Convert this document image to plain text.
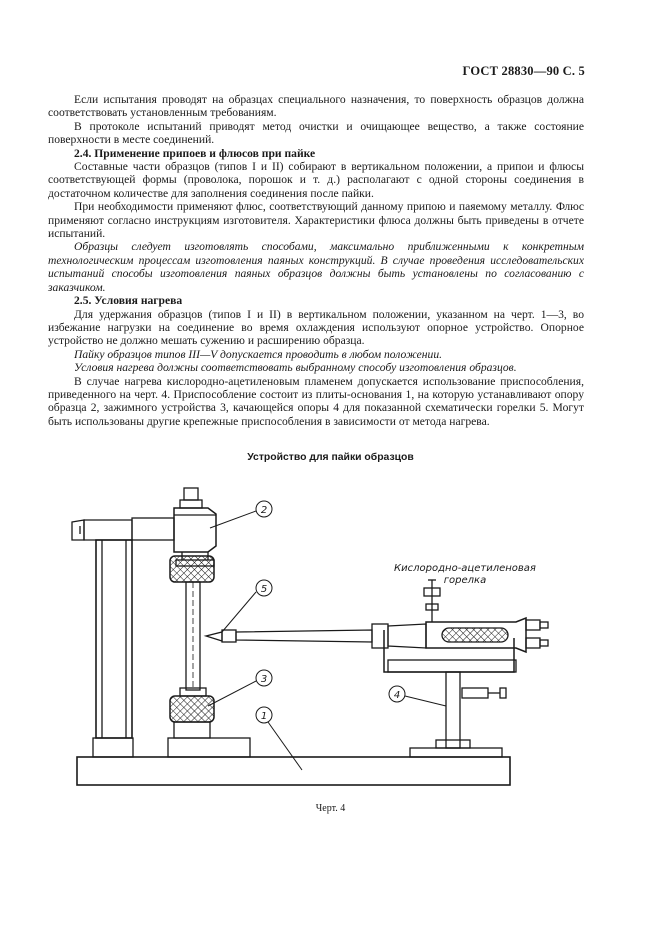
ГОСТ 28830—90 С. 5

Если испытания проводят на образцах специального назначения, то поверхность образцов должна соответствовать установленным требованиям.

В протоколе испытаний приводят метод очистки и очищающее вещество, а также состояние поверхности в месте соединений.

2.4. Применение припоев и флюсов при пайке

Составные части образцов (типов I и II) собирают в вертикальном положении, а припои и флюсы соответствующей формы (проволока, порошок и т. д.) располагают с одной стороны соединения в достаточном количестве для заполнения соединения после пайки.

При необходимости применяют флюс, соответствующий данному припою и паяемому металлу. Флюс применяют согласно инструкциям изготовителя. Характеристики флюса должны быть приведены в отчете испытаний.

Образцы следует изготовлять способами, максимально приближенными к конкретным технологическим процессам изготовления паяных конструкций. В случае проведения исследовательских испытаний способы изготовления паяных образцов должны быть установлены по согласованию с заказчиком.

2.5. Условия нагрева

Для удержания образцов (типов I и II) в вертикальном положении, указанном на черт. 1—3, во избежание нагрузки на соединение во время охлаждения используют опорное устройство. Опорное устройство не должно мешать сужению и расширению образца.

Пайку образцов типов III—V допускается проводить в любом положении.

Условия нагрева должны соответствовать выбранному способу изготовления образцов.

В случае нагрева кислородно-ацетиленовым пламенем допускается использование приспособления, приведенного на черт. 4. Приспособление состоит из плиты-основания 1, на которую устанавливают опору образца 2, зажимного устройства 3, качающейся опоры 4 для показанной схематически горелки 5. Могут быть использованы другие крепежные приспособления в зависимости от метода нагрева.

Устройство для пайки образцов
Кислородно-ацетиленовая
горелка
2
5
3
1
4
Черт. 4
